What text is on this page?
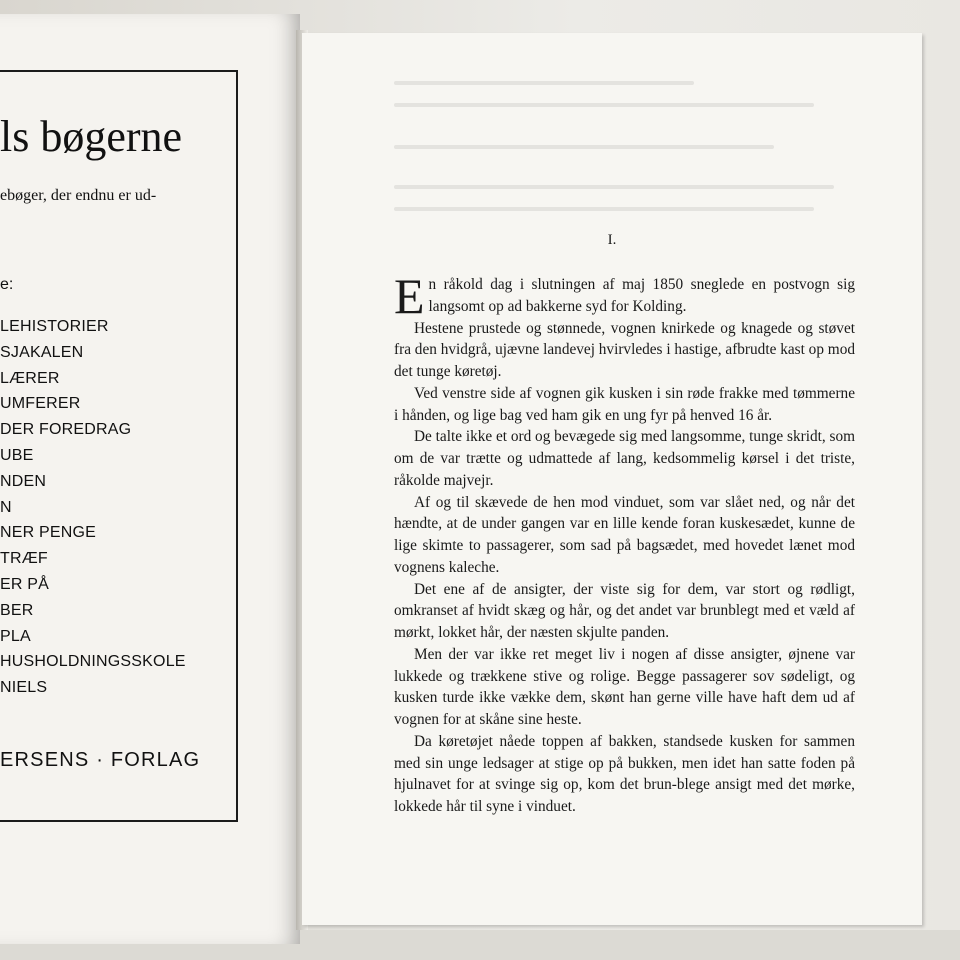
ls bøgerne
ebøger, der endnu er ud-
e:
LEHISTORIER
SJAKALEN
LÆRER
UMFERER
DER FOREDRAG
UBE
NDEN
N
NER PENGE
TRÆF
ER PÅ
BER
PLA
HUSHOLDNINGSSKOLE
NIELS
ERSENS · FORLAG
I.

En råkold dag i slutningen af maj 1850 sneglede en postvogn sig langsomt op ad bakkerne syd for Kolding.

Hestene prustede og stønnede, vognen knirkede og knagede og støvet fra den hvidgrå, ujævne landevej hvirvledes i hastige, afbrudte kast op mod det tunge køretøj.

Ved venstre side af vognen gik kusken i sin røde frakke med tømmerne i hånden, og lige bag ved ham gik en ung fyr på henved 16 år.

De talte ikke et ord og bevægede sig med langsomme, tunge skridt, som om de var trætte og udmattede af lang, kedsommelig kørsel i det triste, råkolde majvejr.

Af og til skævede de hen mod vinduet, som var slået ned, og når det hændte, at de under gangen var en lille kende foran kuskesædet, kunne de lige skimte to passagerer, som sad på bagsædet, med hovedet lænet mod vognens kaleche.

Det ene af de ansigter, der viste sig for dem, var stort og rødligt, omkranset af hvidt skæg og hår, og det andet var brunblegt med et væld af mørkt, lokket hår, der næsten skjulte panden.

Men der var ikke ret meget liv i nogen af disse ansigter, øjnene var lukkede og trækkene stive og rolige. Begge passagerer sov sødeligt, og kusken turde ikke vække dem, skønt han gerne ville have haft dem ud af vognen for at skåne sine heste.

Da køretøjet nåede toppen af bakken, standsede kusken for sammen med sin unge ledsager at stige op på bukken, men idet han satte foden på hjulnavet for at svinge sig op, kom det brun-blege ansigt med det mørke, lokkede hår til syne i vinduet.
